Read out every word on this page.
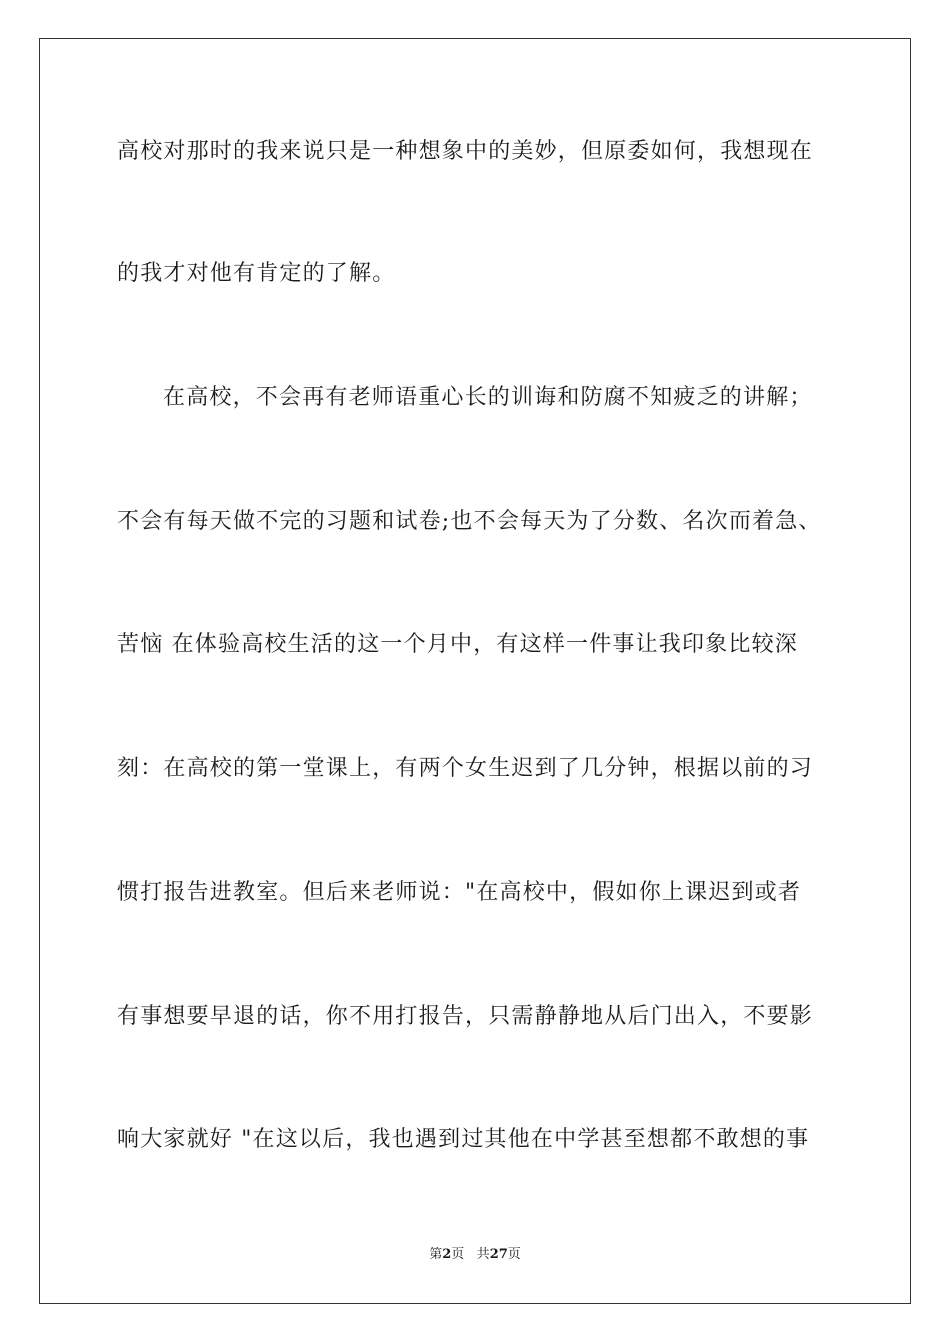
高校对那时的我来说只是一种想象中的美妙，但原委如何，我想现在
的我才对他有肯定的了解。
在高校，不会再有老师语重心长的训诲和防腐不知疲乏的讲解；
不会有每天做不完的习题和试卷;也不会每天为了分数、名次而着急、
苦恼 在体验高校生活的这一个月中，有这样一件事让我印象比较深
刻：在高校的第一堂课上，有两个女生迟到了几分钟，根据以前的习
惯打报告进教室。但后来老师说："在高校中，假如你上课迟到或者
有事想要早退的话，你不用打报告，只需静静地从后门出入，不要影
响大家就好 "在这以后，我也遇到过其他在中学甚至想都不敢想的事
第2页 共27页
